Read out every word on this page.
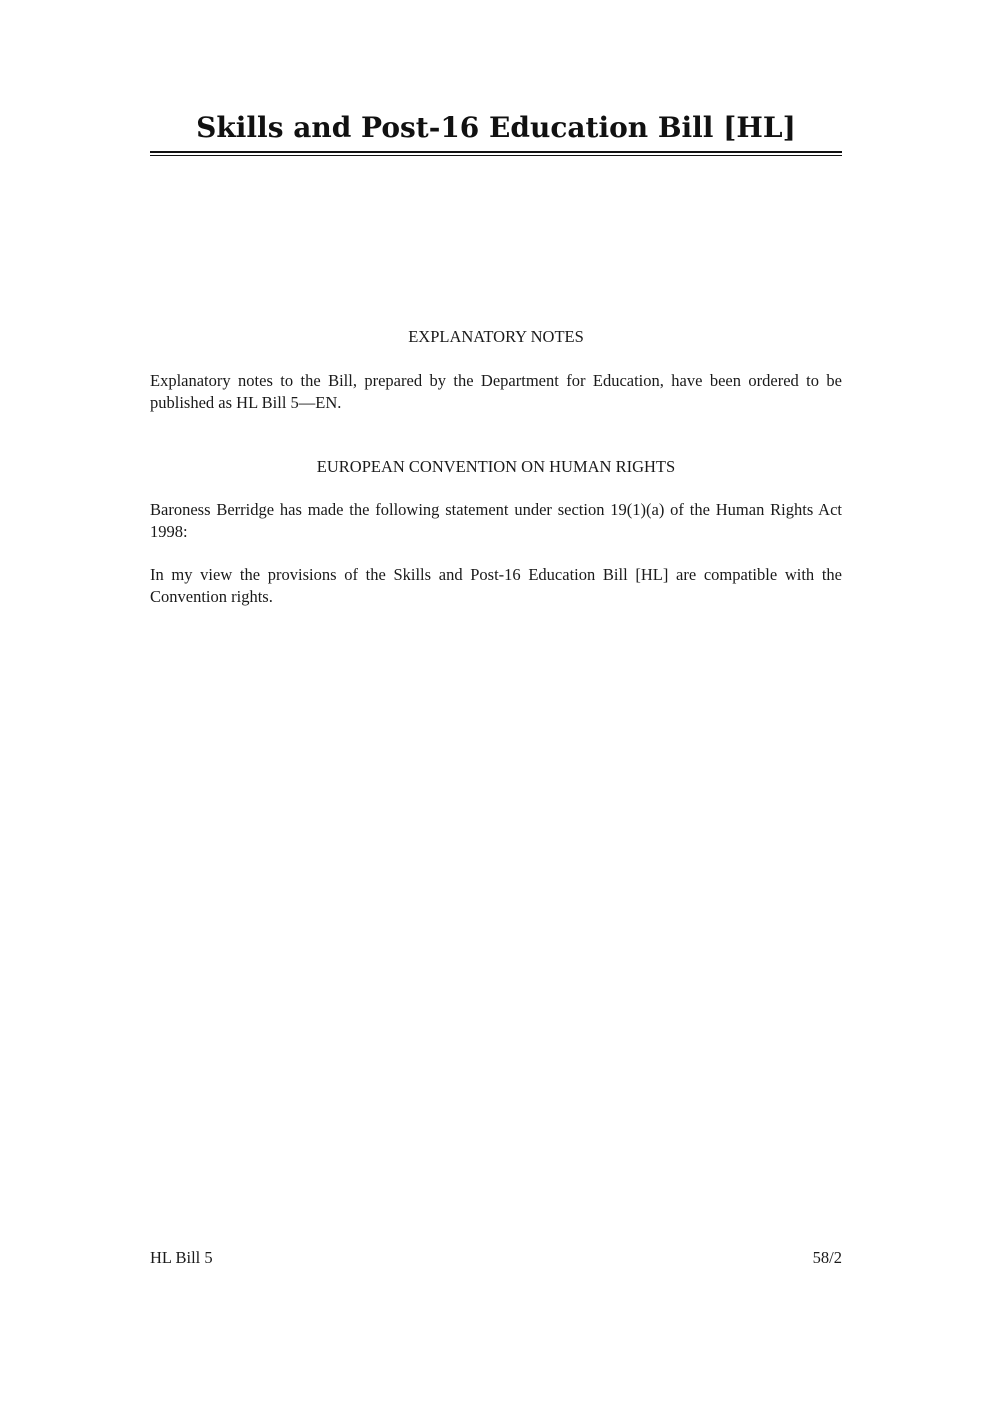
Skills and Post-16 Education Bill [HL]
EXPLANATORY NOTES

Explanatory notes to the Bill, prepared by the Department for Education, have been ordered to be published as HL Bill 5—EN.

EUROPEAN CONVENTION ON HUMAN RIGHTS

Baroness Berridge has made the following statement under section 19(1)(a) of the Human Rights Act 1998:

In my view the provisions of the Skills and Post-16 Education Bill [HL] are compatible with the Convention rights.

HL Bill 5	58/2
